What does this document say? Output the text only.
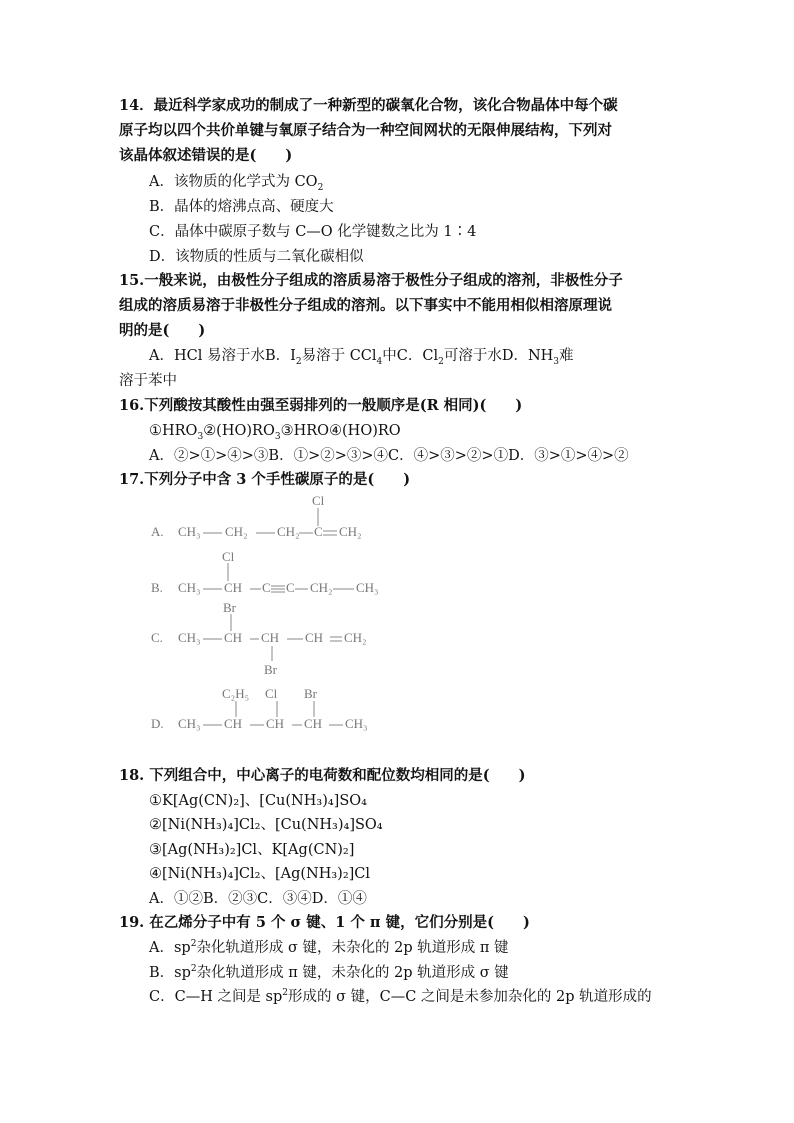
14．最近科学家成功的制成了一种新型的碳氧化合物，该化合物晶体中每个碳
原子均以四个共价单键与氧原子结合为一种空间网状的无限伸展结构，下列对
该晶体叙述错误的是(　　)
A．该物质的化学式为 $CO_2$
B．晶体的熔沸点高、硬度大
C．晶体中碳原子数与 C—O 化学键数之比为 1∶4
D．该物质的性质与二氧化碳相似
15.一般来说，由极性分子组成的溶质易溶于极性分子组成的溶剂，非极性分子
组成的溶质易溶于非极性分子组成的溶剂。以下事实中不能用相似相溶原理说
明的是(　　)
A．HCl 易溶于水B．$I_2$易溶于 CCl$_4$中C．$Cl_2$可溶于水D．$NH_3$难
溶于苯中
16.下列酸按其酸性由强至弱排列的一般顺序是(R 相同)(　　)
$①HRO_3②(HO)RO_3③HRO④(HO)RO$
A．②>①>④>③B．①>②>③>④C．④>③>②>①D．③>①>④>②
17.下列分子中含 3 个手性碳原子的是(　　)
A. CH₃ CH₂ CH₂ C CH₂
Cl
B. CH₃ CH C C CH₂ CH₃
Cl
C. CH₃ CH CH CH CH₂
Br
Br
D. CH₃ CH CH CH CH₃
C₂H₅ Cl Br
18. 下列组合中，中心离子的电荷数和配位数均相同的是(　　)
①K[Ag(CN)₂]、[Cu(NH₃)₄]SO₄
②[Ni(NH₃)₄]Cl₂、[Cu(NH₃)₄]SO₄
③[Ag(NH₃)₂]Cl、K[Ag(CN)₂]
④[Ni(NH₃)₄]Cl₂、[Ag(NH₃)₂]Cl
A．①②B．②③C．③④D．①④
19. 在乙烯分子中有 5 个 σ 键、1 个 π 键，它们分别是(　　)
A．$sp^2$杂化轨道形成 σ 键，未杂化的 2p 轨道形成 π 键
B．$sp^2$杂化轨道形成 π 键，未杂化的 2p 轨道形成 σ 键
C．C—H 之间是 $sp^2$形成的 σ 键，C—C 之间是未参加杂化的 2p 轨道形成的
